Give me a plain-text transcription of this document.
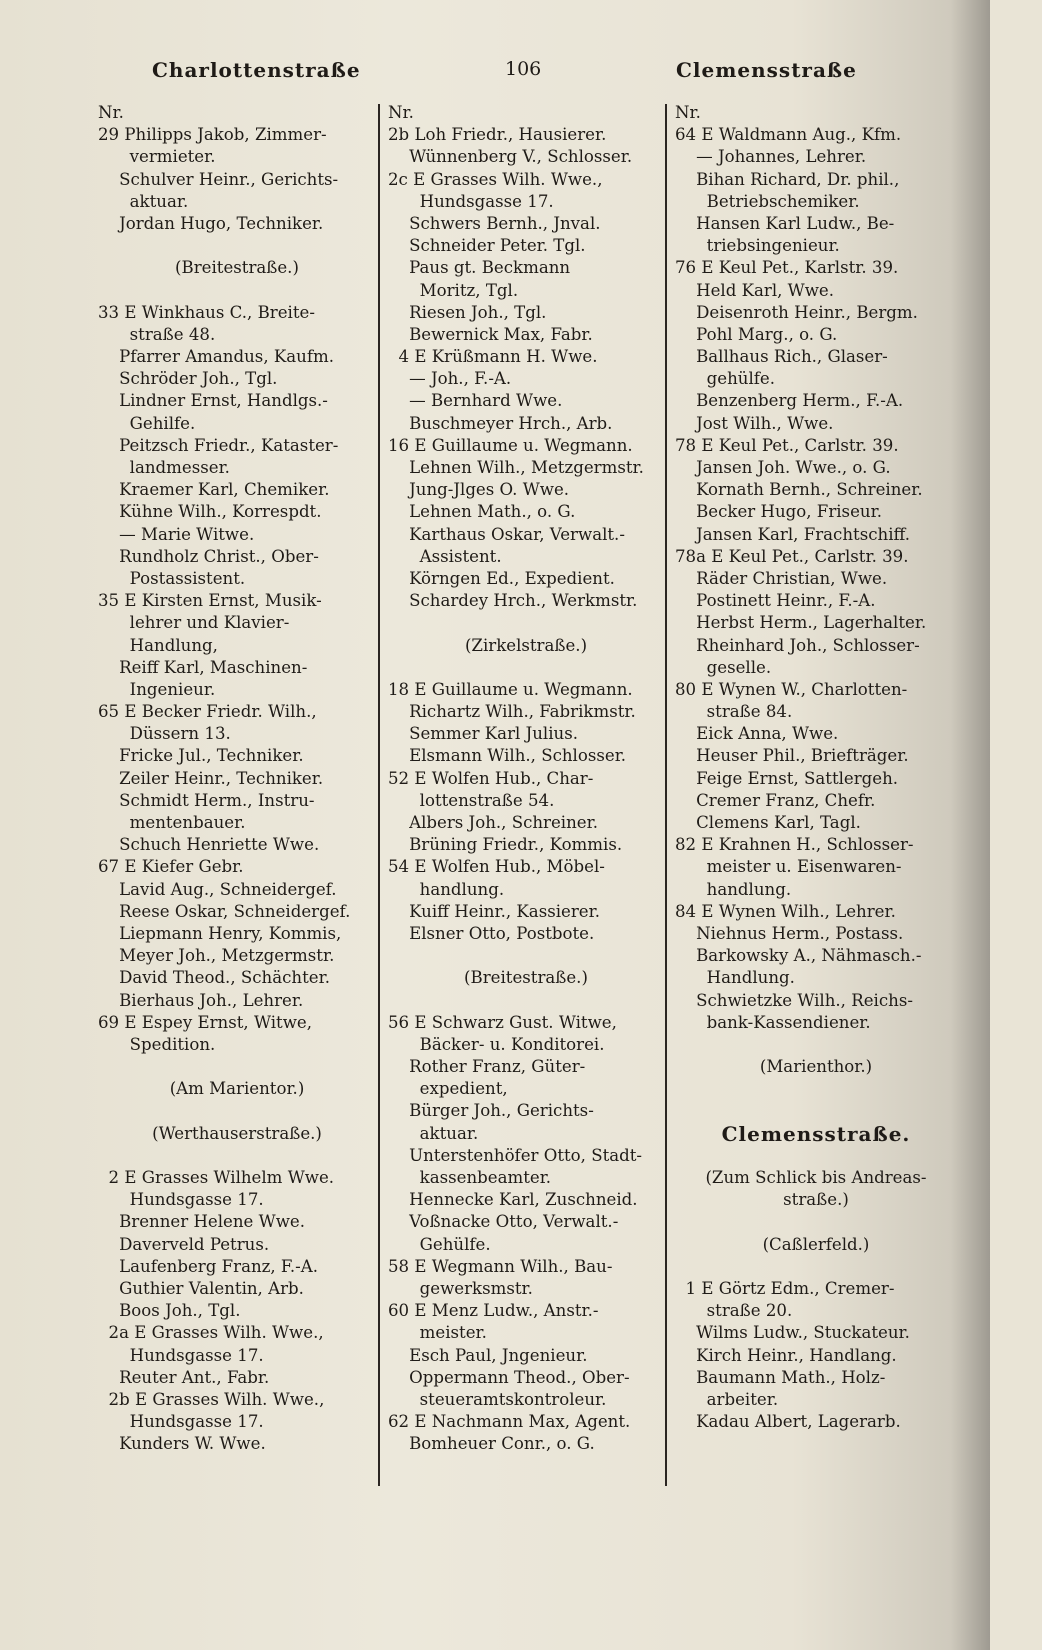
Charlottenstraße	106	Clemensstraße
Nr.
29 Philipps Jakob, Zimmer-
vermieter.
Schulver Heinr., Gerichts-
aktuar.
Jordan Hugo, Techniker.
(Breitestraße.)
33 E Winkhaus C., Breite-
straße 48.
Pfarrer Amandus, Kaufm.
Schröder Joh., Tgl.
Lindner Ernst, Handlgs.-
Gehilfe.
Peitzsch Friedr., Kataster-
landmesser.
Kraemer Karl, Chemiker.
Kühne Wilh., Korrespdt.
— Marie Witwe.
Rundholz Christ., Ober-
Postassistent.
35 E Kirsten Ernst, Musik-
lehrer und Klavier-
Handlung,
Reiff Karl, Maschinen-
Ingenieur.
65 E Becker Friedr. Wilh.,
Düssern 13.
Fricke Jul., Techniker.
Zeiler Heinr., Techniker.
Schmidt Herm., Instru-
mentenbauer.
Schuch Henriette Wwe.
67 E Kiefer Gebr.
Lavid Aug., Schneidergef.
Reese Oskar, Schneidergef.
Liepmann Henry, Kommis,
Meyer Joh., Metzgermstr.
David Theod., Schächter.
Bierhaus Joh., Lehrer.
69 E Espey Ernst, Witwe,
Spedition.
(Am Marientor.)
(Werthauserstraße.)
2 E Grasses Wilhelm Wwe.
Hundsgasse 17.
Brenner Helene Wwe.
Daverveld Petrus.
Laufenberg Franz, F.-A.
Guthier Valentin, Arb.
Boos Joh., Tgl.
2a E Grasses Wilh. Wwe.,
Hundsgasse 17.
Reuter Ant., Fabr.
2b E Grasses Wilh. Wwe.,
Hundsgasse 17.
Kunders W. Wwe.
Nr.
2b Loh Friedr., Hausierer.
Wünnenberg V., Schlosser.
2c E Grasses Wilh. Wwe.,
Hundsgasse 17.
Schwers Bernh., Jnval.
Schneider Peter. Tgl.
Paus gt. Beckmann
Moritz, Tgl.
Riesen Joh., Tgl.
Bewernick Max, Fabr.
4 E Krüßmann H. Wwe.
— Joh., F.-A.
— Bernhard Wwe.
Buschmeyer Hrch., Arb.
16 E Guillaume u. Wegmann.
Lehnen Wilh., Metzgermstr.
Jung-Jlges O. Wwe.
Lehnen Math., o. G.
Karthaus Oskar, Verwalt.-
Assistent.
Körngen Ed., Expedient.
Schardey Hrch., Werkmstr.
(Zirkelstraße.)
18 E Guillaume u. Wegmann.
Richartz Wilh., Fabrikmstr.
Semmer Karl Julius.
Elsmann Wilh., Schlosser.
52 E Wolfen Hub., Char-
lottenstraße 54.
Albers Joh., Schreiner.
Brüning Friedr., Kommis.
54 E Wolfen Hub., Möbel-
handlung.
Kuiff Heinr., Kassierer.
Elsner Otto, Postbote.
(Breitestraße.)
56 E Schwarz Gust. Witwe,
Bäcker- u. Konditorei.
Rother Franz, Güter-
expedient,
Bürger Joh., Gerichts-
aktuar.
Unterstenhöfer Otto, Stadt-
kassenbeamter.
Hennecke Karl, Zuschneid.
Voßnacke Otto, Verwalt.-
Gehülfe.
58 E Wegmann Wilh., Bau-
gewerksmstr.
60 E Menz Ludw., Anstr.-
meister.
Esch Paul, Jngenieur.
Oppermann Theod., Ober-
steueramtskontroleur.
62 E Nachmann Max, Agent.
Bomheuer Conr., o. G.
Nr.
64 E Waldmann Aug., Kfm.
— Johannes, Lehrer.
Bihan Richard, Dr. phil.,
Betriebschemiker.
Hansen Karl Ludw., Be-
triebsingenieur.
76 E Keul Pet., Karlstr. 39.
Held Karl, Wwe.
Deisenroth Heinr., Bergm.
Pohl Marg., o. G.
Ballhaus Rich., Glaser-
gehülfe.
Benzenberg Herm., F.-A.
Jost Wilh., Wwe.
78 E Keul Pet., Carlstr. 39.
Jansen Joh. Wwe., o. G.
Kornath Bernh., Schreiner.
Becker Hugo, Friseur.
Jansen Karl, Frachtschiff.
78a E Keul Pet., Carlstr. 39.
Räder Christian, Wwe.
Postinett Heinr., F.-A.
Herbst Herm., Lagerhalter.
Rheinhard Joh., Schlosser-
geselle.
80 E Wynen W., Charlotten-
straße 84.
Eick Anna, Wwe.
Heuser Phil., Briefträger.
Feige Ernst, Sattlergeh.
Cremer Franz, Chefr.
Clemens Karl, Tagl.
82 E Krahnen H., Schlosser-
meister u. Eisenwaren-
handlung.
84 E Wynen Wilh., Lehrer.
Niehnus Herm., Postass.
Barkowsky A., Nähmasch.-
Handlung.
Schwietzke Wilh., Reichs-
bank-Kassendiener.
(Marienthor.)
Clemensstraße.
(Zum Schlick bis Andreas-
straße.)
(Caßlerfeld.)
1 E Görtz Edm., Cremer-
straße 20.
Wilms Ludw., Stuckateur.
Kirch Heinr., Handlang.
Baumann Math., Holz-
arbeiter.
Kadau Albert, Lagerarb.
